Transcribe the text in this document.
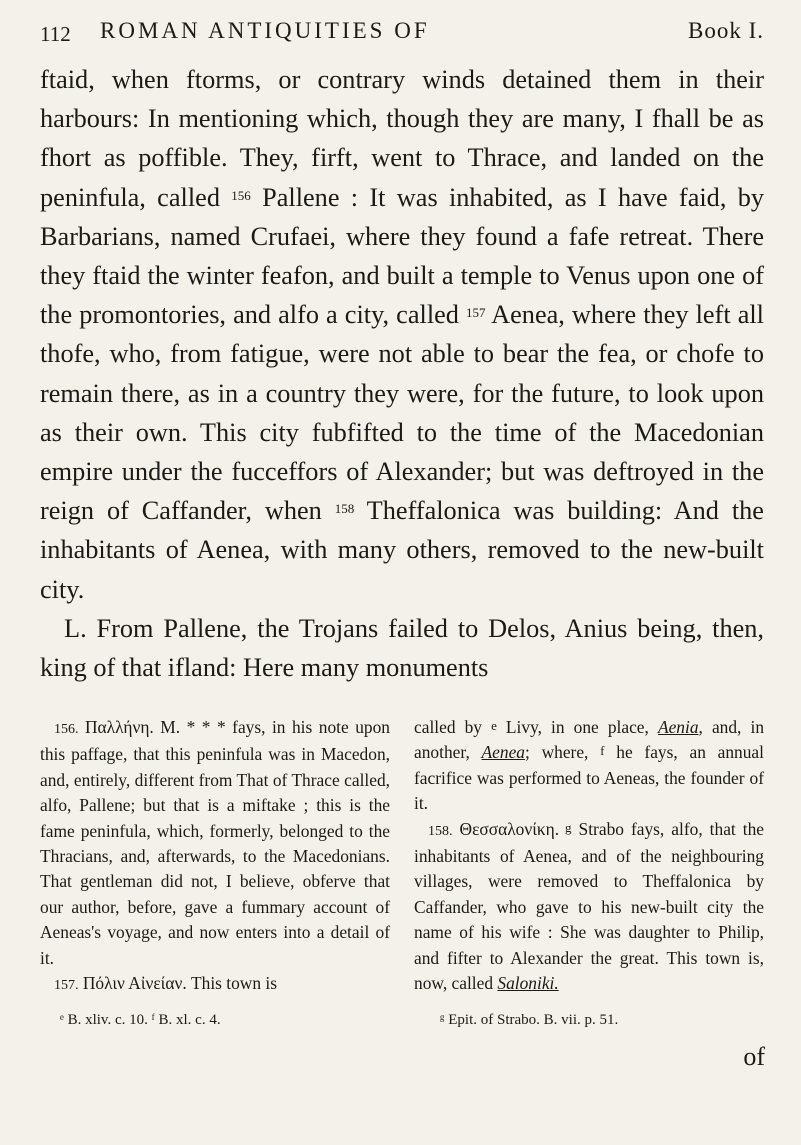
112 ROMAN ANTIQUITIES OF	Book I.

ftaid, when ftorms, or contrary winds detained them in their harbours: In mentioning which, though they are many, I fhall be as fhort as poffible. They, firft, went to Thrace, and landed on the peninfula, called $^{156}$ Pallene : It was inhabited, as I have faid, by Barbarians, named Crufaei, where they found a fafe retreat. There they ftaid the winter feafon, and built a temple to Venus upon one of the promontories, and alfo a city, called $^{157}$ Aenea, where they left all thofe, who, from fatigue, were not able to bear the fea, or chofe to remain there, as in a country they were, for the future, to look upon as their own. This city fubfifted to the time of the Macedonian empire under the fucceffors of Alexander; but was deftroyed in the reign of Caffander, when $^{158}$ Theffalonica was building: And the inhabitants of Aenea, with many others, removed to the new-built city.

L. From Pallene, the Trojans failed to Delos, Anius being, then, king of that ifland: Here many monuments

156. Παλλήνη. M. * * * fays, in his note upon this paffage, that this peninfula was in Macedon, and, entirely, different from That of Thrace called, alfo, Pallene; but that is a miftake ; this is the fame peninfula, which, formerly, belonged to the Thracians, and, afterwards, to the Macedonians. That gentleman did not, I believe, obferve that our author, before, gave a fummary account of Aeneas's voyage, and now enters into a detail of it.

157. Πόλιν Αἰνείαν. This town is

called by $^e$ Livy, in one place, Aenia, and, in another, Aenea; where, $^f$ he fays, an annual facrifice was performed to Aeneas, the founder of it.

158. Θεσσαλονίκη. $^g$ Strabo fays, alfo, that the inhabitants of Aenea, and of the neighbouring villages, were removed to Theffalonica by Caffander, who gave to his new-built city the name of his wife : She was daughter to Philip, and fifter to Alexander the great. This town is, now, called Saloniki.

ᵉ B. xliv. c. 10. ᶠ B. xl. c. 4.	ᵍ Epit. of Strabo. B. vii. p. 51.
of
